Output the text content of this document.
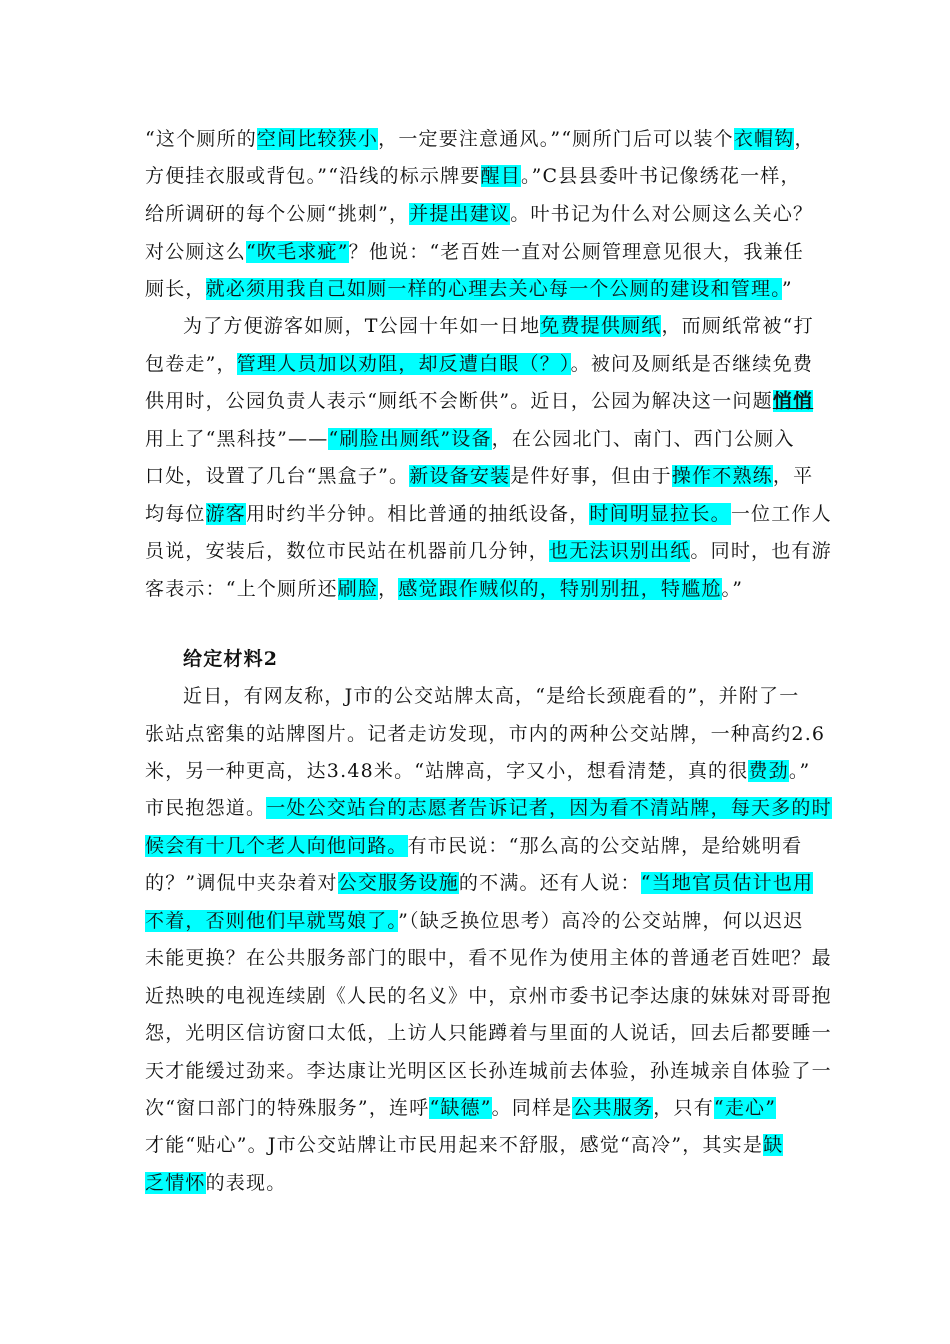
“这个厕所的空间比较狭小，一定要注意通风。”“厕所门后可以装个衣帽钩，
方便挂衣服或背包。”“沿线的标示牌要醒目。”C县县委叶书记像绣花一样，
给所调研的每个公厕“挑刺”，并提出建议。叶书记为什么对公厕这么关心？
对公厕这么“吹毛求疵”？他说：“老百姓一直对公厕管理意见很大，我兼任
厕长，就必须用我自己如厕一样的心理去关心每一个公厕的建设和管理。”
为了方便游客如厕，T公园十年如一日地免费提供厕纸，而厕纸常被“打
包卷走”，管理人员加以劝阻，却反遭白眼（？）。被问及厕纸是否继续免费
供用时，公园负责人表示“厕纸不会断供”。近日，公园为解决这一问题悄悄
用上了“黑科技”——“刷脸出厕纸”设备，在公园北门、南门、西门公厕入
口处，设置了几台“黑盒子”。新设备安装是件好事，但由于操作不熟练，平
均每位游客用时约半分钟。相比普通的抽纸设备，时间明显拉长。一位工作人
员说，安装后，数位市民站在机器前几分钟，也无法识别出纸。同时，也有游
客表示：“上个厕所还刷脸，感觉跟作贼似的，特别别扭，特尴尬。”
给定材料2
近日，有网友称，J市的公交站牌太高，“是给长颈鹿看的”，并附了一
张站点密集的站牌图片。记者走访发现，市内的两种公交站牌，一种高约2.6
米，另一种更高，达3.48米。“站牌高，字又小，想看清楚，真的很费劲。”
市民抱怨道。一处公交站台的志愿者告诉记者，因为看不清站牌，每天多的时
候会有十几个老人向他问路。有市民说：“那么高的公交站牌，是给姚明看
的？”调侃中夹杂着对公交服务设施的不满。还有人说：“当地官员估计也用
不着，否则他们早就骂娘了。”（缺乏换位思考）高冷的公交站牌，何以迟迟
未能更换？在公共服务部门的眼中，看不见作为使用主体的普通老百姓吧？最
近热映的电视连续剧《人民的名义》中，京州市委书记李达康的妹妹对哥哥抱
怨，光明区信访窗口太低，上访人只能蹲着与里面的人说话，回去后都要睡一
天才能缓过劲来。李达康让光明区区长孙连城前去体验，孙连城亲自体验了一
次“窗口部门的特殊服务”，连呼“缺德”。同样是公共服务，只有“走心”
才能“贴心”。J市公交站牌让市民用起来不舒服，感觉“高冷”，其实是缺
乏情怀的表现。
